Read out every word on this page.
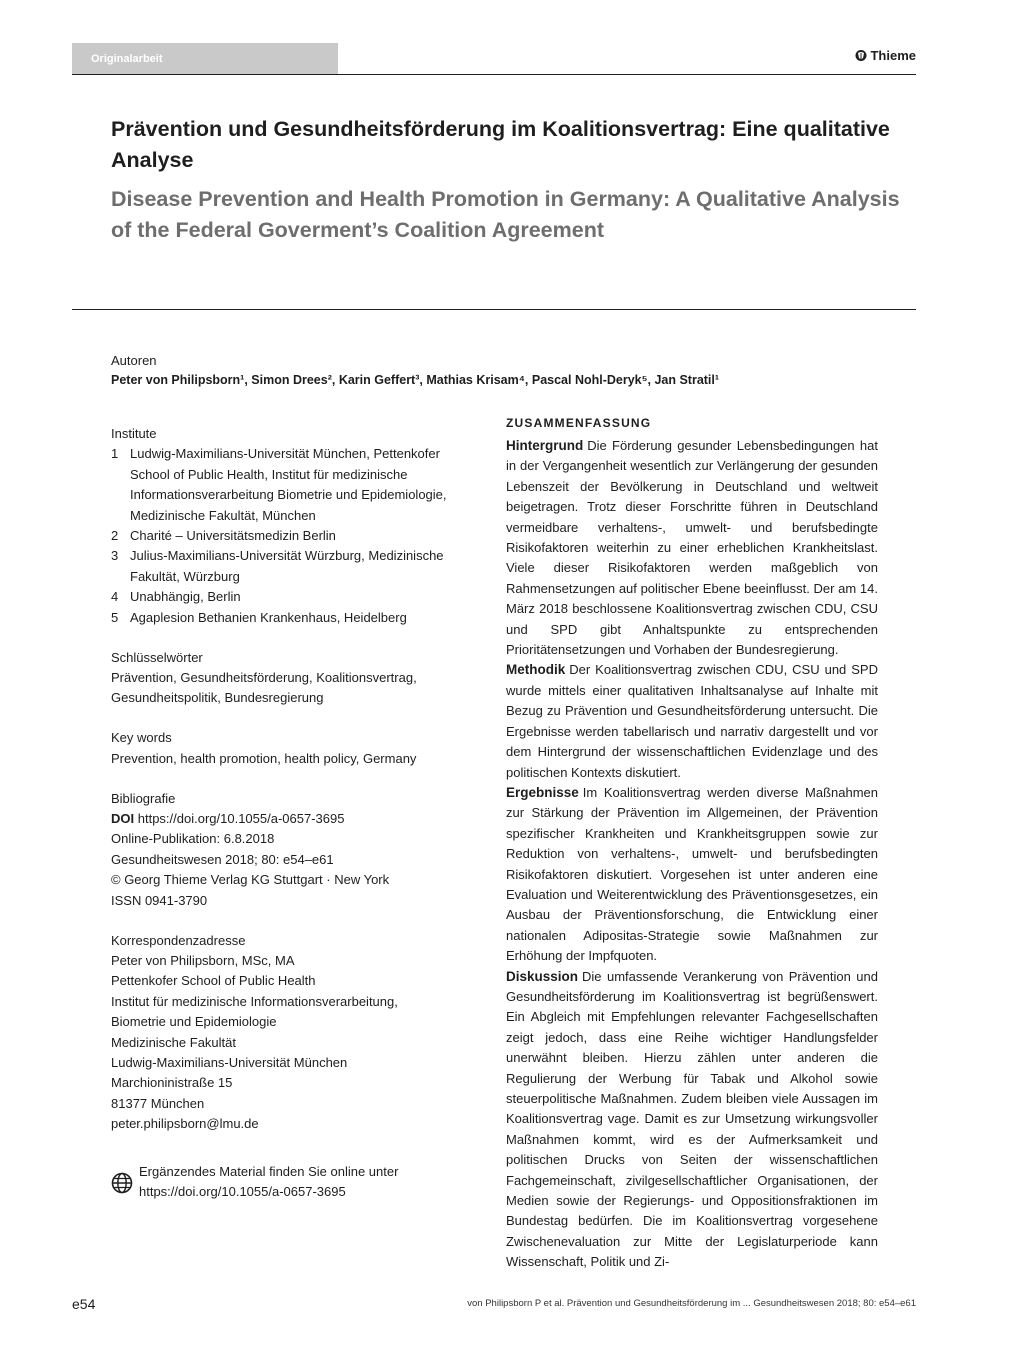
Originalarbeit	Thieme
Prävention und Gesundheitsförderung im Koalitionsvertrag: Eine qualitative Analyse
Disease Prevention and Health Promotion in Germany: A Qualitative Analysis of the Federal Goverment’s Coalition Agreement
Autoren
Peter von Philipsborn¹, Simon Drees², Karin Geffert³, Mathias Krisam⁴, Pascal Nohl-Deryk⁵, Jan Stratil¹
Institute
1 Ludwig-Maximilians-Universität München, Pettenkofer School of Public Health, Institut für medizinische Informationsverarbeitung Biometrie und Epidemiologie, Medizinische Fakultät, München
2 Charité – Universitätsmedizin Berlin
3 Julius-Maximilians-Universität Würzburg, Medizinische Fakultät, Würzburg
4 Unabhängig, Berlin
5 Agaplesion Bethanien Krankenhaus, Heidelberg
Schlüsselwörter
Prävention, Gesundheitsförderung, Koalitionsvertrag, Gesundheitspolitik, Bundesregierung
Key words
Prevention, health promotion, health policy, Germany
Bibliografie
DOI https://doi.org/10.1055/a-0657-3695
Online-Publikation: 6.8.2018
Gesundheitswesen 2018; 80: e54–e61
© Georg Thieme Verlag KG Stuttgart · New York
ISSN 0941-3790
Korrespondenzadresse
Peter von Philipsborn, MSc, MA
Pettenkofer School of Public Health
Institut für medizinische Informationsverarbeitung,
Biometrie und Epidemiologie
Medizinische Fakultät
Ludwig-Maximilians-Universität München
Marchioninistraße 15
81377 München
peter.philipsborn@lmu.de
Ergänzendes Material finden Sie online unter https://doi.org/10.1055/a-0657-3695
ZUSAMMENFASSUNG
Hintergrund Die Förderung gesunder Lebensbedingungen hat in der Vergangenheit wesentlich zur Verlängerung der gesunden Lebenszeit der Bevölkerung in Deutschland und weltweit beigetragen. Trotz dieser Forschritte führen in Deutschland vermeidbare verhaltens-, umwelt- und berufsbedingte Risikofaktoren weiterhin zu einer erheblichen Krankheitslast. Viele dieser Risikofaktoren werden maßgeblich von Rahmensetzungen auf politischer Ebene beeinflusst. Der am 14. März 2018 beschlossene Koalitionsvertrag zwischen CDU, CSU und SPD gibt Anhaltspunkte zu entsprechenden Prioritätensetzungen und Vorhaben der Bundesregierung.
Methodik Der Koalitionsvertrag zwischen CDU, CSU und SPD wurde mittels einer qualitativen Inhaltsanalyse auf Inhalte mit Bezug zu Prävention und Gesundheitsförderung untersucht. Die Ergebnisse werden tabellarisch und narrativ dargestellt und vor dem Hintergrund der wissenschaftlichen Evidenzlage und des politischen Kontexts diskutiert.
Ergebnisse Im Koalitionsvertrag werden diverse Maßnahmen zur Stärkung der Prävention im Allgemeinen, der Prävention spezifischer Krankheiten und Krankheitsgruppen sowie zur Reduktion von verhaltens-, umwelt- und berufsbedingten Risikofaktoren diskutiert. Vorgesehen ist unter anderen eine Evaluation und Weiterentwicklung des Präventionsgesetzes, ein Ausbau der Präventionsforschung, die Entwicklung einer nationalen Adipositas-Strategie sowie Maßnahmen zur Erhöhung der Impfquoten.
Diskussion Die umfassende Verankerung von Prävention und Gesundheitsförderung im Koalitionsvertrag ist begrüßenswert. Ein Abgleich mit Empfehlungen relevanter Fachgesellschaften zeigt jedoch, dass eine Reihe wichtiger Handlungsfelder unerwähnt bleiben. Hierzu zählen unter anderen die Regulierung der Werbung für Tabak und Alkohol sowie steuerpolitische Maßnahmen. Zudem bleiben viele Aussagen im Koalitionsvertrag vage. Damit es zur Umsetzung wirkungsvoller Maßnahmen kommt, wird es der Aufmerksamkeit und politischen Drucks von Seiten der wissenschaftlichen Fachgemeinschaft, zivilgesellschaftlicher Organisationen, der Medien sowie der Regierungs- und Oppositionsfraktionen im Bundestag bedürfen. Die im Koalitionsvertrag vorgesehene Zwischenevaluation zur Mitte der Legislaturperiode kann Wissenschaft, Politik und Zi-
e54	von Philipsborn P et al. Prävention und Gesundheitsförderung im ... Gesundheitswesen 2018; 80: e54–e61
